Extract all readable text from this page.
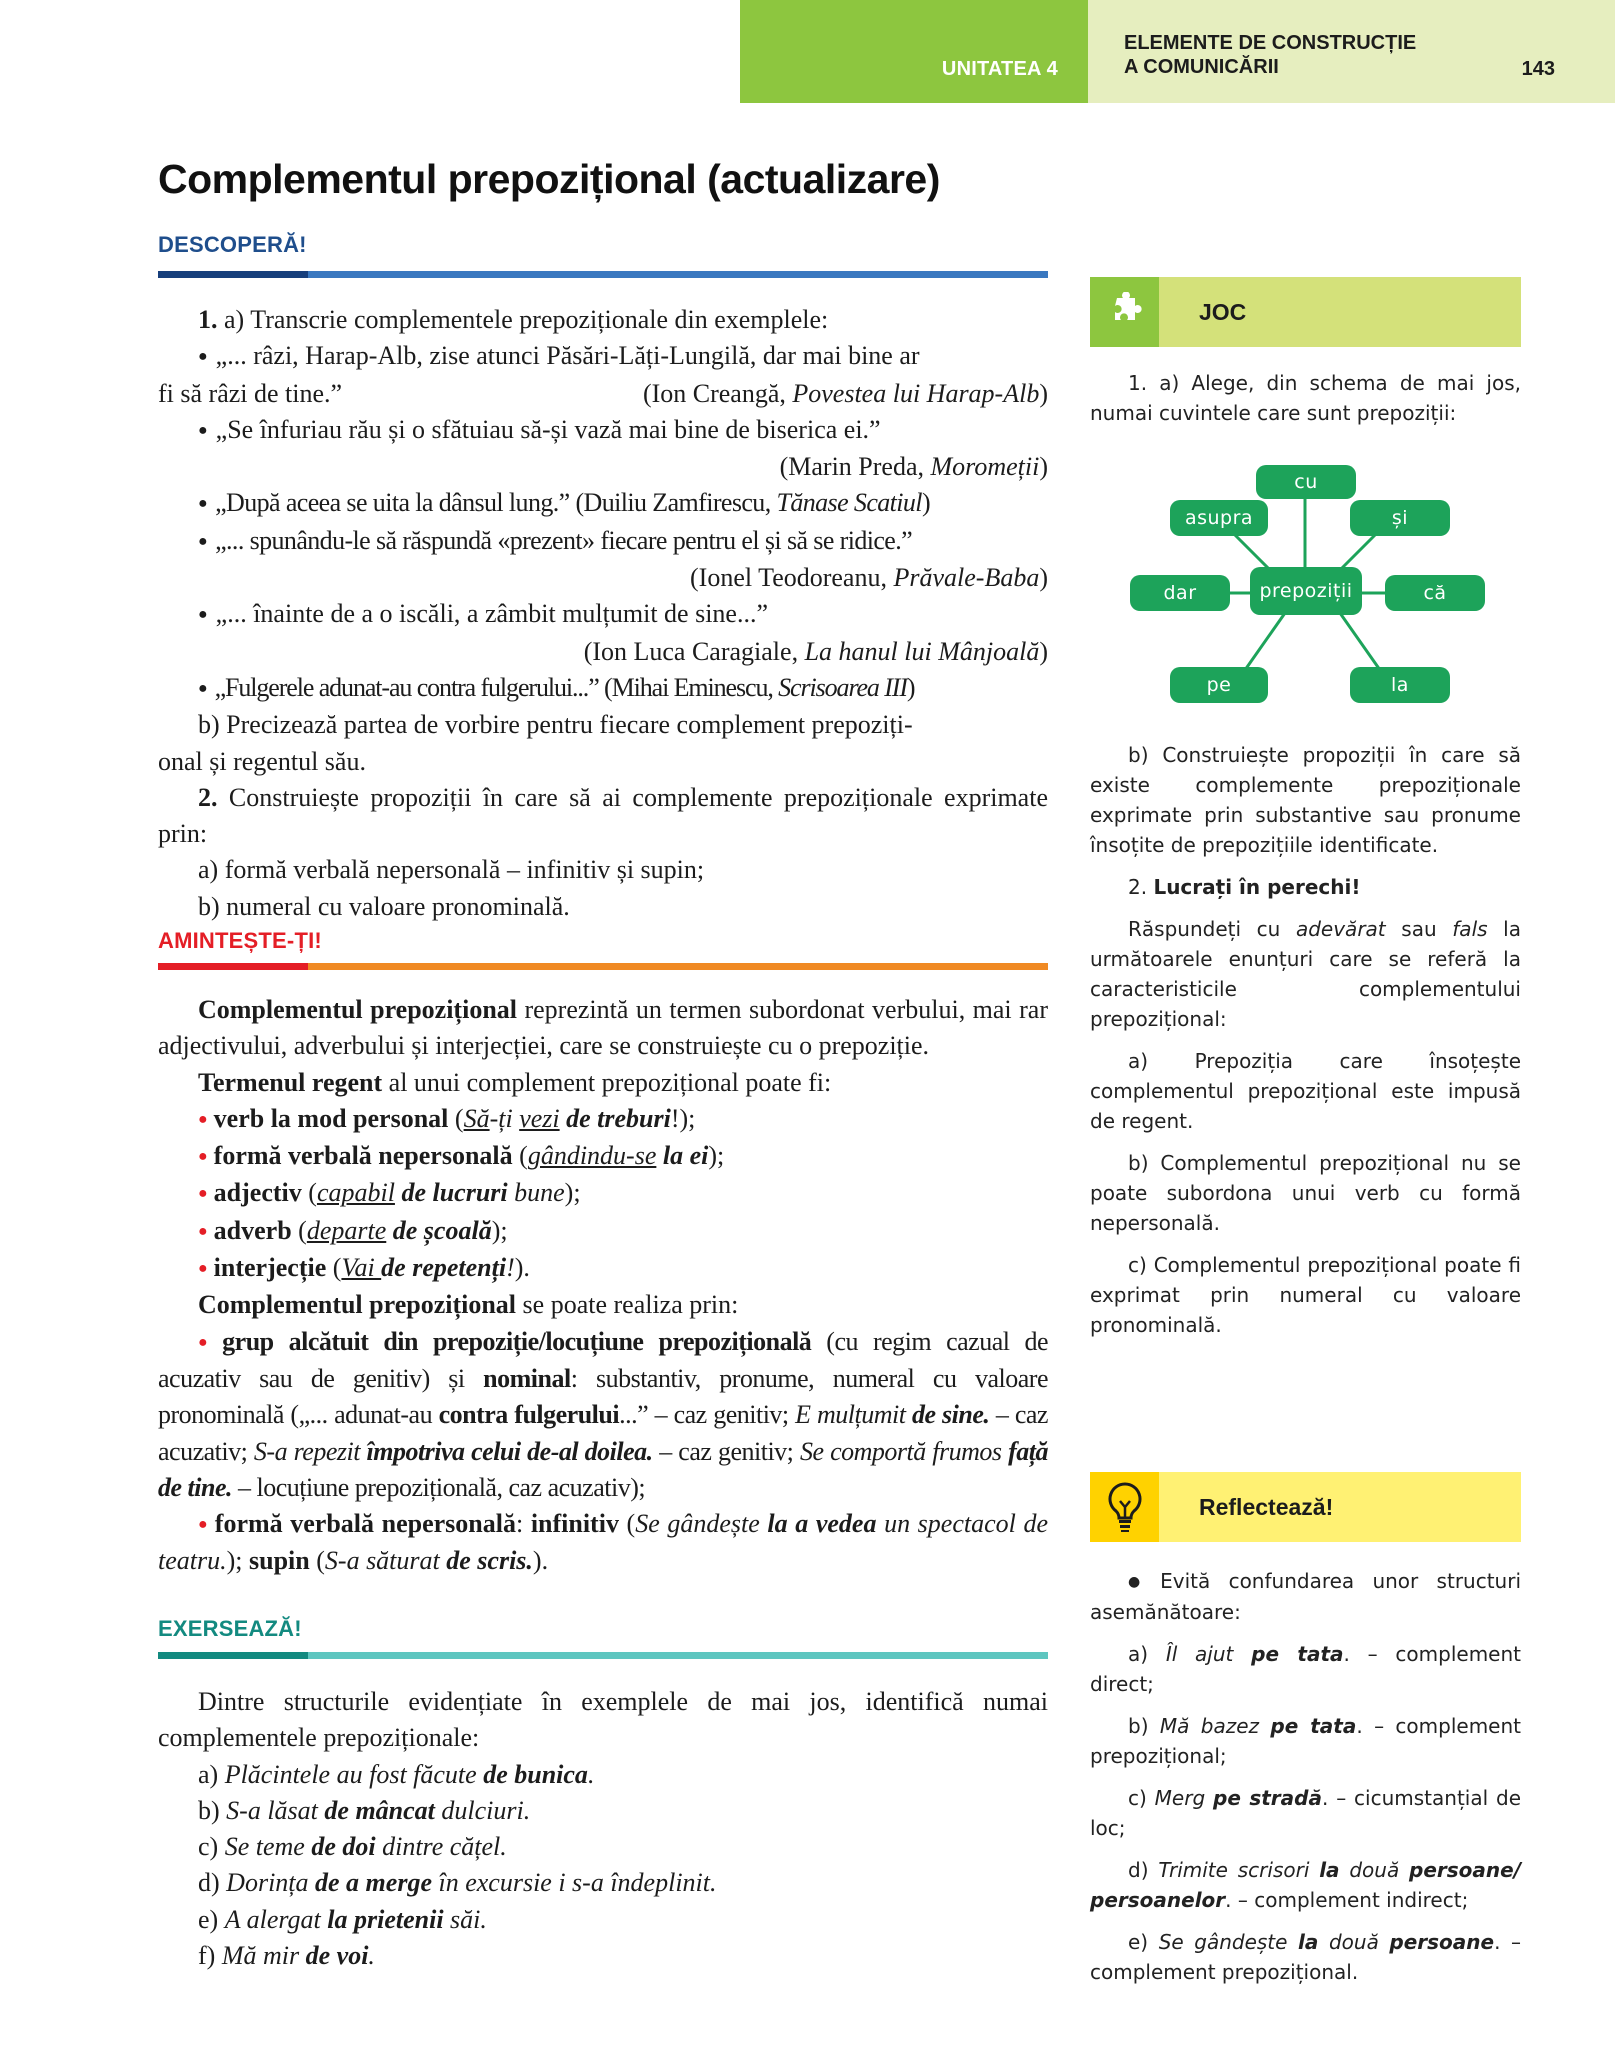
UNITATEA 4
ELEMENTE DE CONSTRUCȚIE
A COMUNICĂRII	143
Complementul prepozițional (actualizare)
DESCOPERĂ!

1. a) Transcrie complementele prepoziționale din exemplele:

● „... râzi, Harap-Alb, zise atunci Păsări-Lăți-Lungilă, dar mai bine ar

fi să râzi de tine.”	(Ion Creangă, Povestea lui Harap-Alb)

● „Se înfuriau rău și o sfătuiau să-și vază mai bine de biserica ei.”

(Marin Preda, Moromeții)

● „După aceea se uita la dânsul lung.” (Duiliu Zamfirescu, Tănase Scatiul)

● „... spunându-le să răspundă «prezent» fiecare pentru el și să se ridice.”

(Ionel Teodoreanu, Prăvale-Baba)

● „... înainte de a o iscăli, a zâmbit mulțumit de sine...”

(Ion Luca Caragiale, La hanul lui Mânjoală)

● „Fulgerele adunat-au contra fulgerului...” (Mihai Eminescu, Scrisoarea III)

b) Precizează partea de vorbire pentru fiecare complement prepoziți-

onal și regentul său.

2. Construiește propoziții în care să ai complemente prepoziționale exprimate prin:

a) formă verbală nepersonală – infinitiv și supin;

b) numeral cu valoare pronominală.

AMINTEȘTE-ȚI!

Complementul prepozițional reprezintă un termen subordonat verbului, mai rar adjectivului, adverbului și interjecției, care se construiește cu o prepoziție.

Termenul regent al unui complement prepozițional poate fi:

● verb la mod personal (Să-ți vezi de treburi!);

● formă verbală nepersonală (gândindu-se la ei);

● adjectiv (capabil de lucruri bune);

● adverb (departe de școală);

● interjecție (Vai de repetenți!).

Complementul prepozițional se poate realiza prin:

● grup alcătuit din prepoziție/locuțiune prepozițională (cu regim cazual de acuzativ sau de genitiv) și nominal: substantiv, pronume, numeral cu valoare pronominală („... adunat-au contra fulgerului...” – caz genitiv; E mulțumit de sine. – caz acuzativ; S-a repezit împotriva celui de-al doilea. – caz genitiv; Se comportă frumos față de tine. – locuțiune prepozițională, caz acuzativ);

● formă verbală nepersonală: infinitiv (Se gândește la a vedea un spectacol de teatru.); supin (S-a săturat de scris.).

EXERSEAZĂ!

Dintre structurile evidențiate în exemplele de mai jos, identifică numai complementele prepoziționale:

a) Plăcintele au fost făcute de bunica.

b) S-a lăsat de mâncat dulciuri.

c) Se teme de doi dintre cățel.

d) Dorința de a merge în excursie i s-a îndeplinit.

e) A alergat la prietenii săi.

f) Mă mir de voi.

JOC

1. a) Alege, din schema de mai jos, numai cuvintele care sunt prepoziții:

cu
asupra	și
dar	prepoziții	că
pe	la

b) Construiește propoziții în care să existe complemente prepoziționale exprimate prin substantive sau pronume însoțite de prepozițiile identificate.

2. Lucrați în perechi!

Răspundeți cu adevărat sau fals la următoarele enunțuri care se referă la caracteristicile complementului prepozițional:

a) Prepoziția care însoțește complementul prepozițional este impusă de regent.

b) Complementul prepozițional nu se poate subordona unui verb cu formă nepersonală.

c) Complementul prepozițional poate fi exprimat prin numeral cu valoare pronominală.

Reflectează!

● Evită confundarea unor structuri asemănătoare:

a) Îl ajut pe tata. – complement direct;

b) Mă bazez pe tata. – complement prepozițional;

c) Merg pe stradă. – cicumstanțial de loc;

d) Trimite scrisori la două persoane/ persoanelor. – complement indirect;

e) Se gândește la două persoane. – complement prepozițional.
